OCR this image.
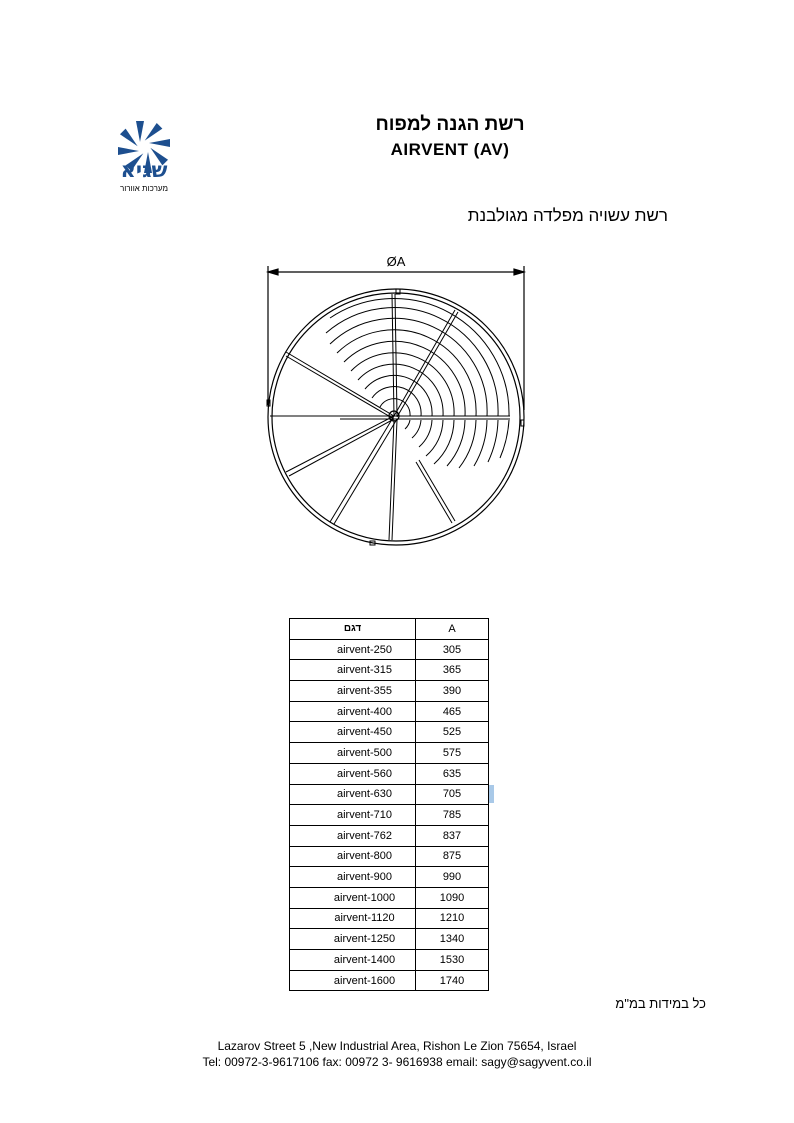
שגיא
מערכות אוורור
רשת הגנה למפוח
AIRVENT (AV)
רשת עשויה מפלדה מגולבנת
ØA
דגם	A
airvent-250	305
airvent-315	365
airvent-355	390
airvent-400	465
airvent-450	525
airvent-500	575
airvent-560	635
airvent-630	705
airvent-710	785
airvent-762	837
airvent-800	875
airvent-900	990
airvent-1000	1090
airvent-1120	1210
airvent-1250	1340
airvent-1400	1530
airvent-1600	1740
כל במידות במ"מ
Lazarov Street 5 ,New Industrial Area, Rishon Le Zion 75654, Israel
Tel: 00972-3-9617106 fax: 00972 3- 9616938 email: sagy@sagyvent.co.il
